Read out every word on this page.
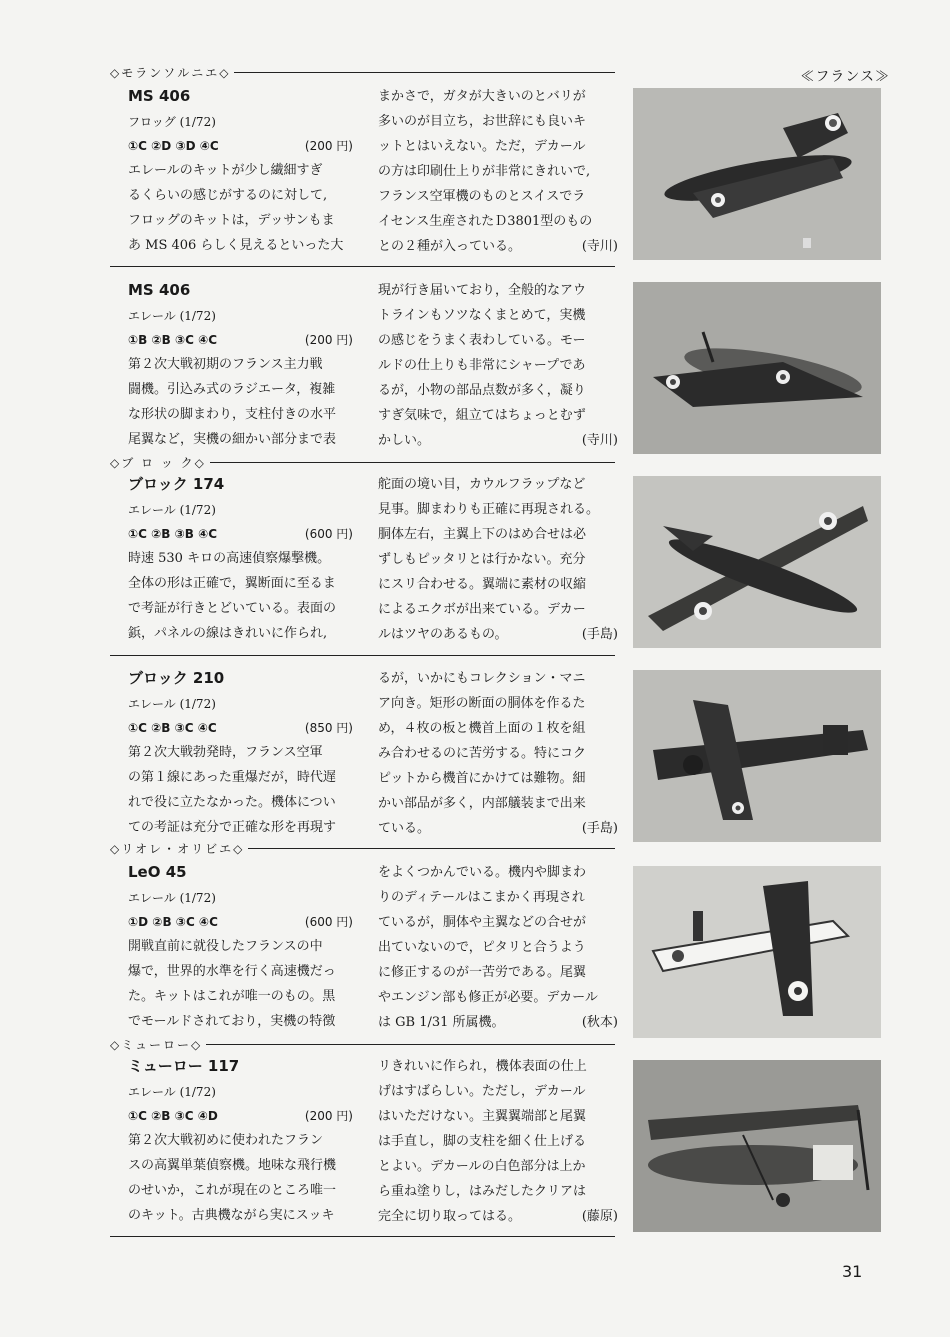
≪フランス≫
◇モランソルニエ◇
◇ブ ロ ッ ク◇
◇リオレ・オリビエ◇
◇ミューロー◇
MS 406
フロッグ (1/72)
①C ②D ③D ④C	(200 円)
エレールのキットが少し繊細すぎ
るくらいの感じがするのに対して,
フロッグのキットは，デッサンもま
あ MS 406 らしく見えるといった大
まかさで，ガタが大きいのとバリが
多いのが目立ち，お世辞にも良いキ
ットとはいえない。ただ，デカール
の方は印刷仕上りが非常にきれいで,
フランス空軍機のものとスイスでラ
イセンス生産されたＤ3801型のもの
との２種が入っている。	(寺川)
MS 406
エレール (1/72)
①B ②B ③C ④C	(200 円)
第２次大戦初期のフランス主力戦
闘機。引込み式のラジエータ，複雑
な形状の脚まわり，支柱付きの水平
尾翼など，実機の細かい部分まで表
現が行き届いており，全般的なアウ
トラインもソツなくまとめて，実機
の感じをうまく表わしている。モー
ルドの仕上りも非常にシャープであ
るが，小物の部品点数が多く，凝り
すぎ気味で，組立てはちょっとむず
かしい。	(寺川)
ブロック 174
エレール (1/72)
①C ②B ③B ④C	(600 円)
時速 530 キロの高速偵察爆撃機。
全体の形は正確で，翼断面に至るま
で考証が行きとどいている。表面の
鋲，パネルの線はきれいに作られ,
舵面の境い目，カウルフラップなど
見事。脚まわりも正確に再現される。
胴体左右，主翼上下のはめ合せは必
ずしもピッタリとは行かない。充分
にスリ合わせる。翼端に素材の収縮
によるエクボが出来ている。デカー
ルはツヤのあるもの。	(手島)
ブロック 210
エレール (1/72)
①C ②B ③C ④C	(850 円)
第２次大戦勃発時，フランス空軍
の第１線にあった重爆だが，時代遅
れで役に立たなかった。機体につい
ての考証は充分で正確な形を再現す
るが，いかにもコレクション・マニ
ア向き。矩形の断面の胴体を作るた
め，４枚の板と機首上面の１枚を組
み合わせるのに苦労する。特にコク
ピットから機首にかけては難物。細
かい部品が多く，内部艤装まで出来
ている。	(手島)
LeO 45
エレール (1/72)
①D ②B ③C ④C	(600 円)
開戦直前に就役したフランスの中
爆で，世界的水準を行く高速機だっ
た。キットはこれが唯一のもの。黒
でモールドされており，実機の特徴
をよくつかんでいる。機内や脚まわ
りのディテールはこまかく再現され
ているが，胴体や主翼などの合せが
出ていないので，ピタリと合うよう
に修正するのが一苦労である。尾翼
やエンジン部も修正が必要。デカール
は GB 1/31 所属機。	(秋本)
ミューロー 117
エレール (1/72)
①C ②B ③C ④D	(200 円)
第２次大戦初めに使われたフラン
スの高翼単葉偵察機。地味な飛行機
のせいか，これが現在のところ唯一
のキット。古典機ながら実にスッキ
リきれいに作られ，機体表面の仕上
げはすばらしい。ただし，デカール
はいただけない。主翼翼端部と尾翼
は手直し，脚の支柱を細く仕上げる
とよい。デカールの白色部分は上か
ら重ね塗りし，はみだしたクリアは
完全に切り取ってはる。	(藤原)
31
